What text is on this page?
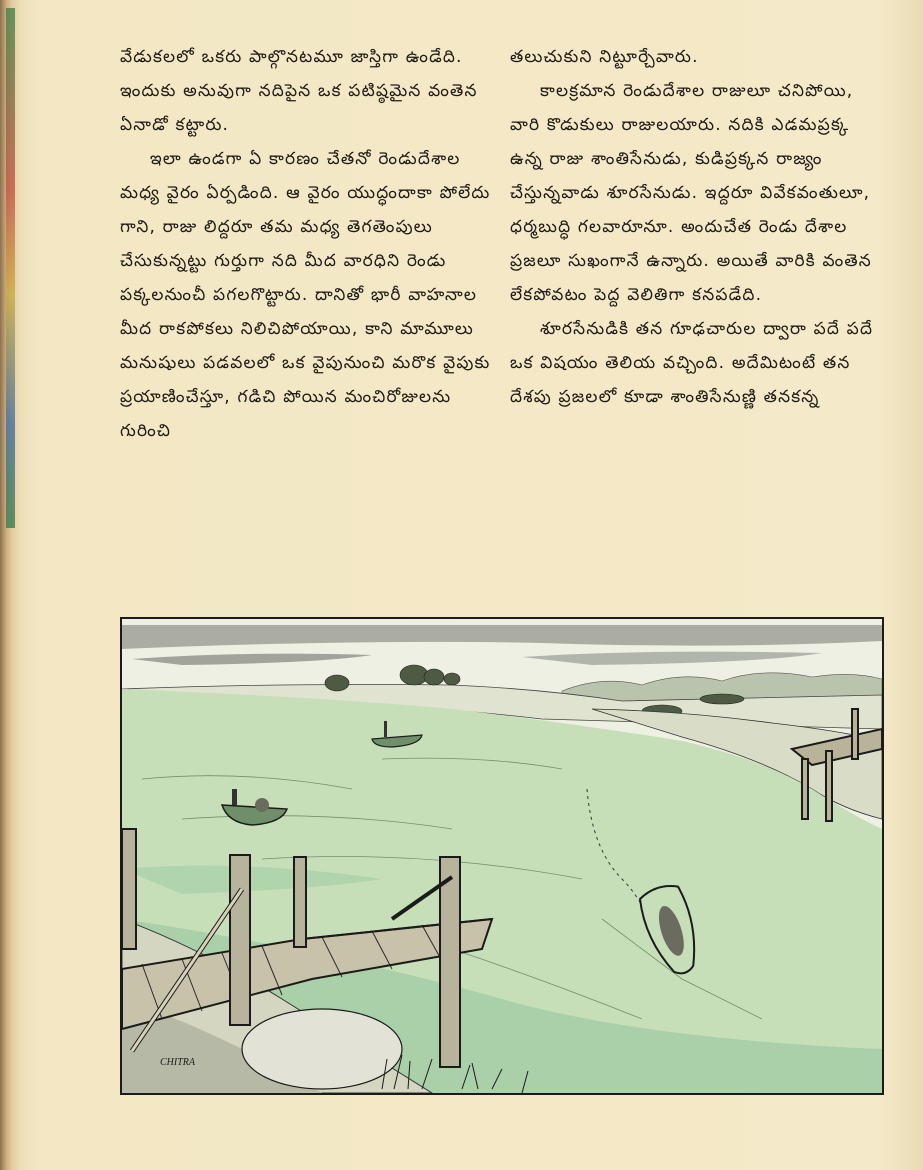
వేడుకలలో ఒకరు పాల్గొనటమూ జాస్తిగా ఉండేది. ఇందుకు అనువుగా నదిపైన ఒక పటిష్ఠమైన వంతెన ఏనాడో కట్టారు.

ఇలా ఉండగా ఏ కారణం చేతనో రెండుదేశాల మధ్య వైరం ఏర్పడింది. ఆ వైరం యుద్ధందాకా పోలేదు గాని, రాజు లిద్దరూ తమ మధ్య తెగతెంపులు చేసుకున్నట్టు గుర్తుగా నది మీద వారధిని రెండు పక్కలనుంచీ పగలగొట్టారు. దానితో భారీ వాహనాల మీద రాకపోకలు నిలిచిపోయాయి, కాని మామూలు మనుషులు పడవలలో ఒక వైపునుంచి మరొక వైపుకు ప్రయాణించేస్తూ, గడిచి పోయిన మంచిరోజులను గురించి

తలుచుకుని నిట్టూర్చేవారు.

కాలక్రమాన రెండుదేశాల రాజులూ చనిపోయి, వారి కొడుకులు రాజులయారు. నదికి ఎడమప్రక్క ఉన్న రాజు శాంతిసేనుడు, కుడిప్రక్కన రాజ్యం చేస్తున్నవాడు శూరసేనుడు. ఇద్దరూ వివేకవంతులూ, ధర్మబుద్ధి గలవారూనూ. అందుచేత రెండు దేశాల ప్రజలూ సుఖంగానే ఉన్నారు. అయితే వారికి వంతెన లేకపోవటం పెద్ద వెలితిగా కనపడేది.

శూరసేనుడికి తన గూఢచారుల ద్వారా పదే పదే ఒక విషయం తెలియ వచ్చింది. అదేమిటంటే తన దేశపు ప్రజలలో కూడా శాంతిసేనుణ్ణి తనకన్న

CHITRA
